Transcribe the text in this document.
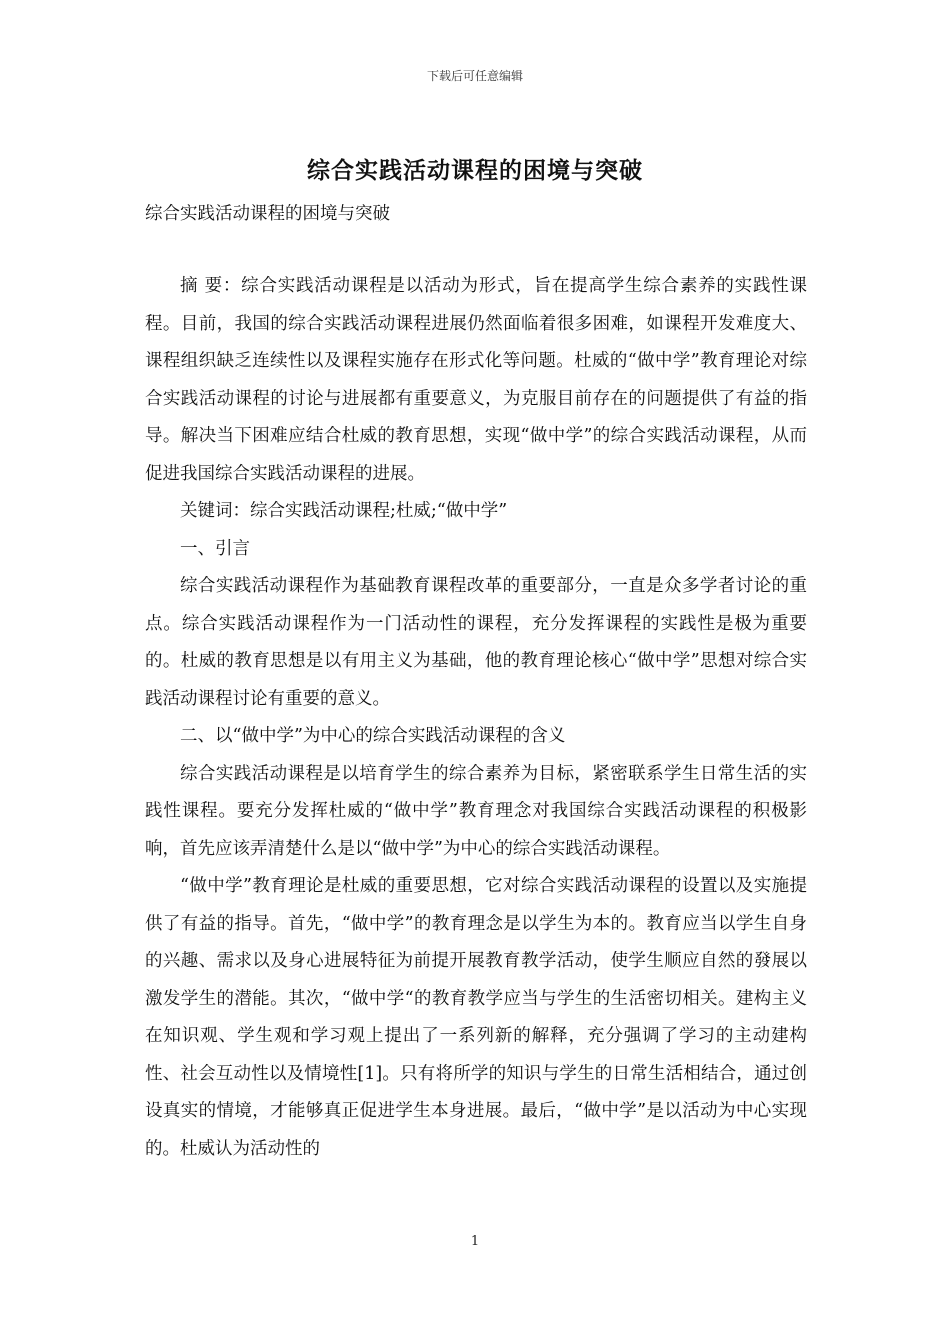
下载后可任意编辑
综合实践活动课程的困境与突破
综合实践活动课程的困境与突破

摘 要：综合实践活动课程是以活动为形式，旨在提高学生综合素养的实践性课程。目前，我国的综合实践活动课程进展仍然面临着很多困难，如课程开发难度大、课程组织缺乏连续性以及课程实施存在形式化等问题。杜威的“做中学”教育理论对综合实践活动课程的讨论与进展都有重要意义，为克服目前存在的问题提供了有益的指导。解决当下困难应结合杜威的教育思想，实现“做中学”的综合实践活动课程，从而促进我国综合实践活动课程的进展。

关键词：综合实践活动课程;杜威;“做中学”

一、引言

综合实践活动课程作为基础教育课程改革的重要部分，一直是众多学者讨论的重点。综合实践活动课程作为一门活动性的课程，充分发挥课程的实践性是极为重要的。杜威的教育思想是以有用主义为基础，他的教育理论核心“做中学”思想对综合实践活动课程讨论有重要的意义。

二、以“做中学”为中心的综合实践活动课程的含义

综合实践活动课程是以培育学生的综合素养为目标，紧密联系学生日常生活的实践性课程。要充分发挥杜威的“做中学”教育理念对我国综合实践活动课程的积极影响，首先应该弄清楚什么是以“做中学”为中心的综合实践活动课程。

“做中学”教育理论是杜威的重要思想，它对综合实践活动课程的设置以及实施提供了有益的指导。首先，“做中学”的教育理念是以学生为本的。教育应当以学生自身的兴趣、需求以及身心进展特征为前提开展教育教学活动，使学生顺应自然的發展以激发学生的潜能。其次，“做中学“的教育教学应当与学生的生活密切相关。建构主义在知识观、学生观和学习观上提出了一系列新的解释，充分强调了学习的主动建构性、社会互动性以及情境性[1]。只有将所学的知识与学生的日常生活相结合，通过创设真实的情境，才能够真正促进学生本身进展。最后，“做中学”是以活动为中心实现的。杜威认为活动性的

1
